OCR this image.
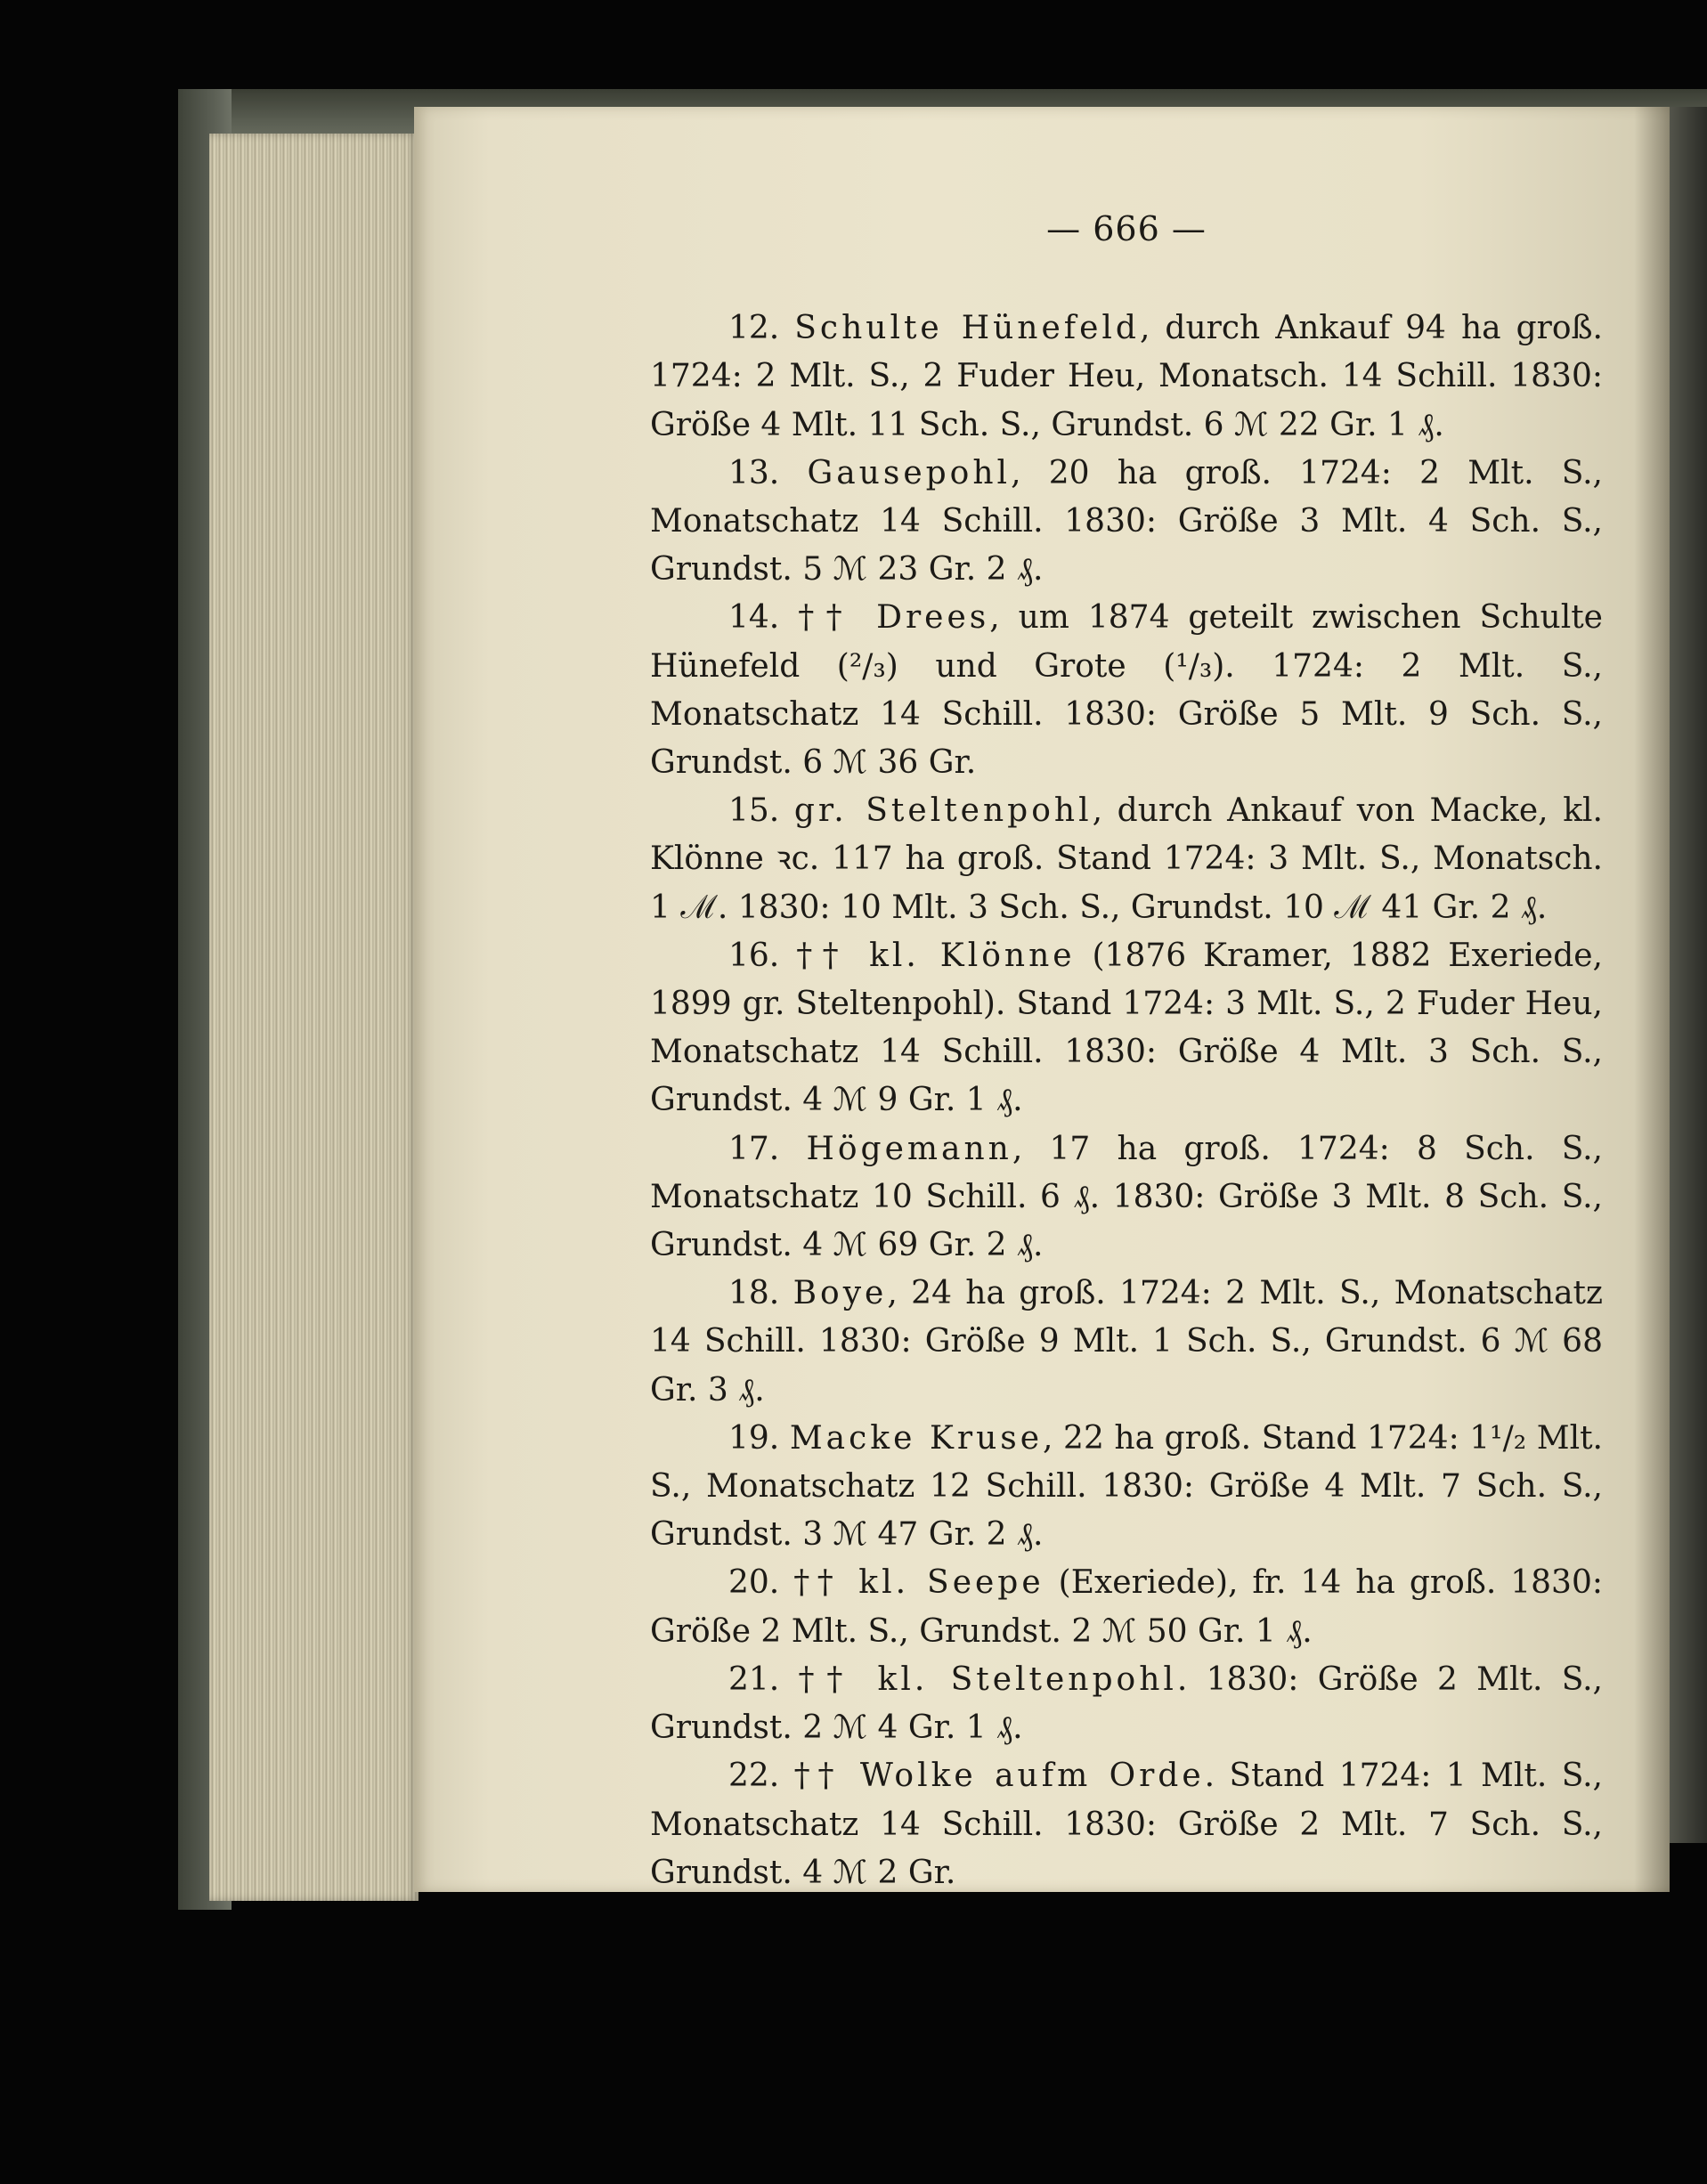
— 666 —

12. Schulte Hünefeld, durch Ankauf 94 ha groß. 1724: 2 Mlt. S., 2 Fuder Heu, Monatsch. 14 Schill. 1830: Größe 4 Mlt. 11 Sch. S., Grundst. 6 ℳ 22 Gr. 1 ₰.

13. Gausepohl, 20 ha groß. 1724: 2 Mlt. S., Monatschatz 14 Schill. 1830: Größe 3 Mlt. 4 Sch. S., Grundst. 5 ℳ 23 Gr. 2 ₰.

14. †† Drees, um 1874 geteilt zwischen Schulte Hünefeld (²/₃) und Grote (¹/₃). 1724: 2 Mlt. S., Monatschatz 14 Schill. 1830: Größe 5 Mlt. 9 Sch. S., Grundst. 6 ℳ 36 Gr.

15. gr. Steltenpohl, durch Ankauf von Macke, kl. Klönne ꝛc. 117 ha groß. Stand 1724: 3 Mlt. S., Monatsch. 1 ℳ. 1830: 10 Mlt. 3 Sch. S., Grundst. 10 ℳ 41 Gr. 2 ₰.

16. †† kl. Klönne (1876 Kramer, 1882 Exeriede, 1899 gr. Steltenpohl). Stand 1724: 3 Mlt. S., 2 Fuder Heu, Monatschatz 14 Schill. 1830: Größe 4 Mlt. 3 Sch. S., Grundst. 4 ℳ 9 Gr. 1 ₰.

17. Högemann, 17 ha groß. 1724: 8 Sch. S., Monatschatz 10 Schill. 6 ₰. 1830: Größe 3 Mlt. 8 Sch. S., Grundst. 4 ℳ 69 Gr. 2 ₰.

18. Boye, 24 ha groß. 1724: 2 Mlt. S., Monatschatz 14 Schill. 1830: Größe 9 Mlt. 1 Sch. S., Grundst. 6 ℳ 68 Gr. 3 ₰.

19. Macke Kruse, 22 ha groß. Stand 1724: 1¹/₂ Mlt. S., Monatschatz 12 Schill. 1830: Größe 4 Mlt. 7 Sch. S., Grundst. 3 ℳ 47 Gr. 2 ₰.

20. †† kl. Seepe (Exeriede), fr. 14 ha groß. 1830: Größe 2 Mlt. S., Grundst. 2 ℳ 50 Gr. 1 ₰.

21. †† kl. Steltenpohl. 1830: Größe 2 Mlt. S., Grundst. 2 ℳ 4 Gr. 1 ₰.

22. †† Wolke aufm Orde. Stand 1724: 1 Mlt. S., Monatschatz 14 Schill. 1830: Größe 2 Mlt. 7 Sch. S., Grundst. 4 ℳ 2 Gr.
